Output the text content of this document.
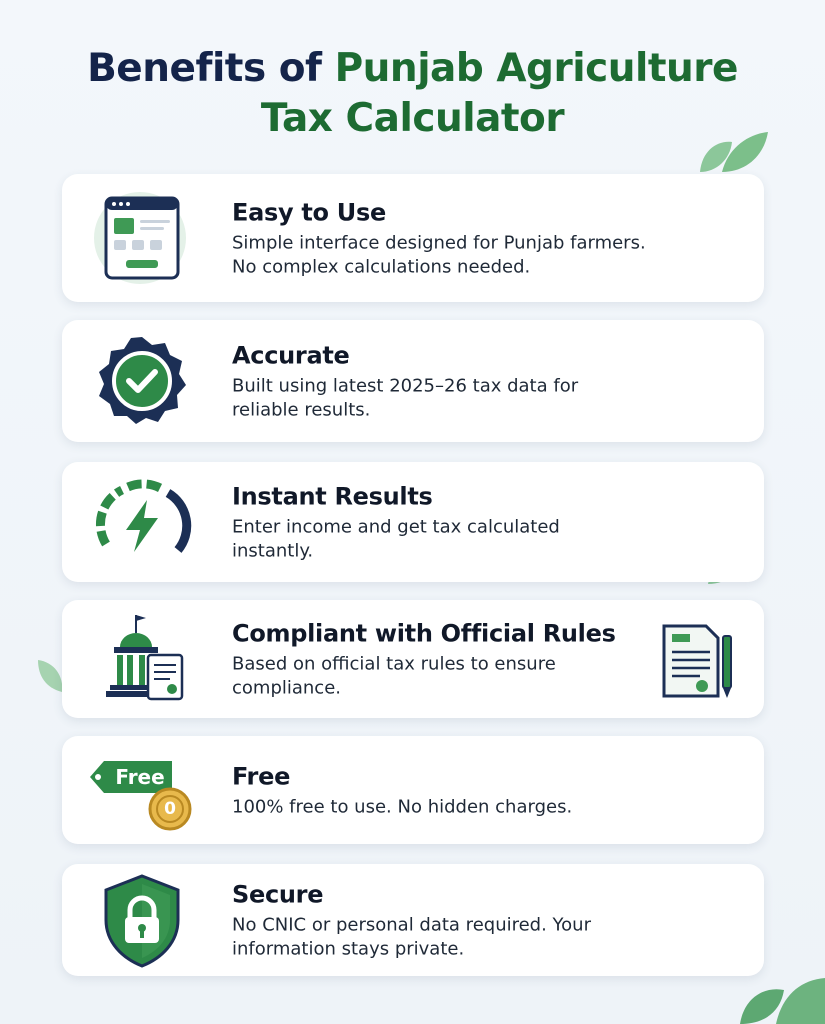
Benefits of Punjab Agriculture
Tax Calculator
Easy to Use
Simple interface designed for Punjab farmers.
No complex calculations needed.
Accurate
Built using latest 2025–26 tax data for
reliable results.
Instant Results
Enter income and get tax calculated
instantly.
Compliant with Official Rules
Based on official tax rules to ensure
compliance.
Free
0
Free
100% free to use. No hidden charges.
Secure
No CNIC or personal data required. Your
information stays private.
